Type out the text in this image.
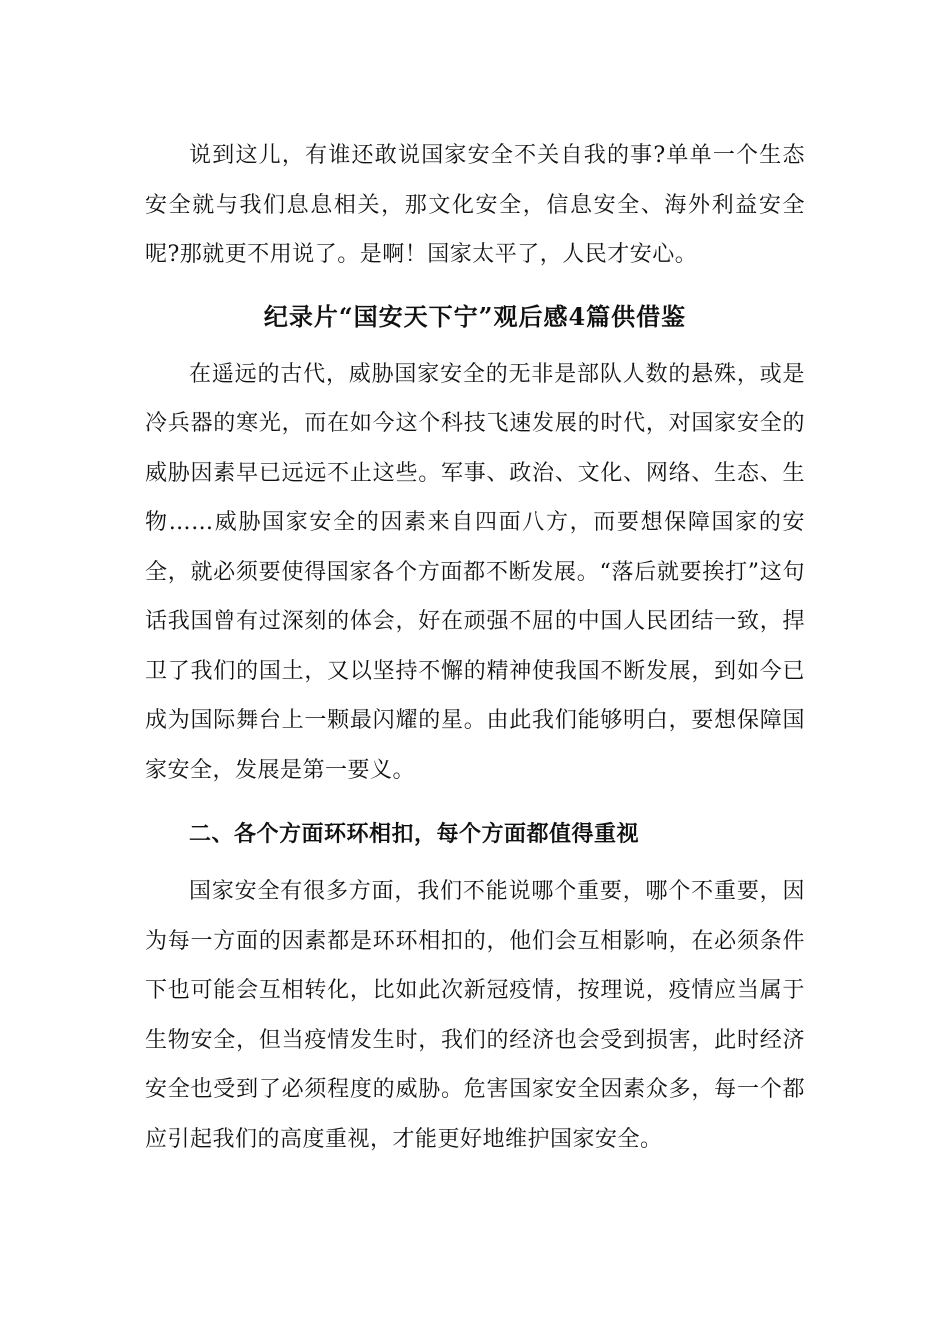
说到这儿，有谁还敢说国家安全不关自我的事?单单一个生态安全就与我们息息相关，那文化安全，信息安全、海外利益安全呢?那就更不用说了。是啊！国家太平了，人民才安心。

纪录片“国安天下宁”观后感4篇供借鉴

在遥远的古代，威胁国家安全的无非是部队人数的悬殊，或是冷兵器的寒光，而在如今这个科技飞速发展的时代，对国家安全的威胁因素早已远远不止这些。军事、政治、文化、网络、生态、生物……威胁国家安全的因素来自四面八方，而要想保障国家的安全，就必须要使得国家各个方面都不断发展。“落后就要挨打”这句话我国曾有过深刻的体会，好在顽强不屈的中国人民团结一致，捍卫了我们的国土，又以坚持不懈的精神使我国不断发展，到如今已成为国际舞台上一颗最闪耀的星。由此我们能够明白，要想保障国家安全，发展是第一要义。

二、各个方面环环相扣，每个方面都值得重视

国家安全有很多方面，我们不能说哪个重要，哪个不重要，因为每一方面的因素都是环环相扣的，他们会互相影响，在必须条件下也可能会互相转化，比如此次新冠疫情，按理说，疫情应当属于生物安全，但当疫情发生时，我们的经济也会受到损害，此时经济安全也受到了必须程度的威胁。危害国家安全因素众多，每一个都应引起我们的高度重视，才能更好地维护国家安全。
